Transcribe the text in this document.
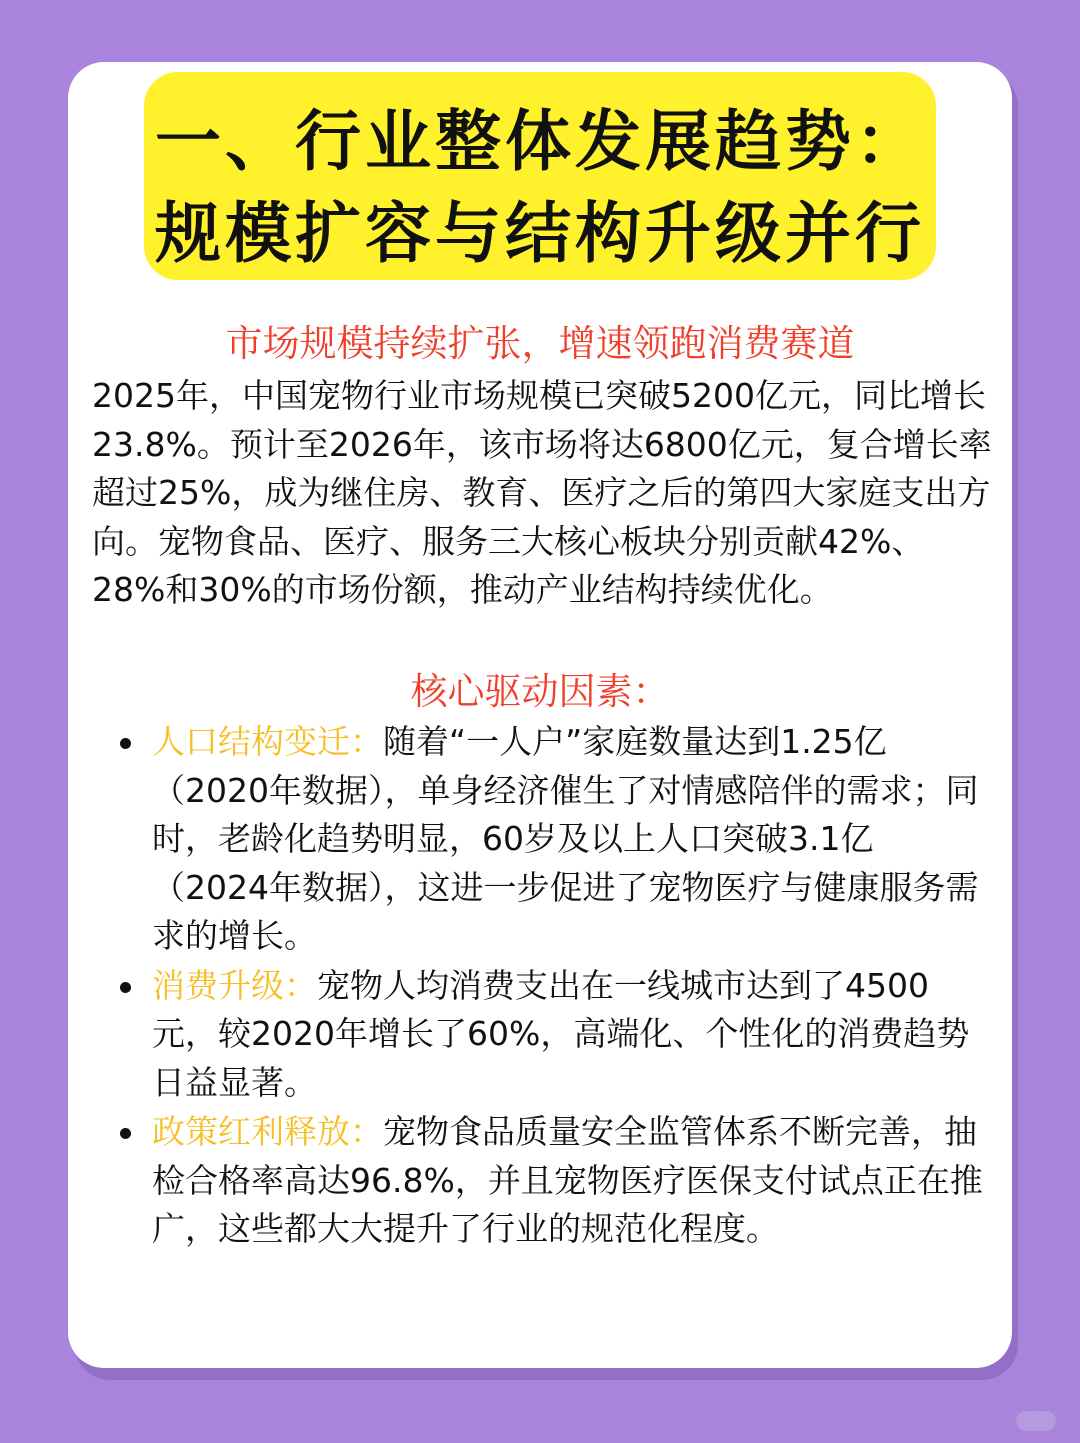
一、行业整体发展趋势：
规模扩容与结构升级并行
市场规模持续扩张，增速领跑消费赛道

2025年，中国宠物行业市场规模已突破5200亿元，同比增长23.8%。预计至2026年，该市场将达6800亿元，复合增长率超过25%，成为继住房、教育、医疗之后的第四大家庭支出方向。宠物食品、医疗、服务三大核心板块分别贡献42%、28%和30%的市场份额，推动产业结构持续优化。

核心驱动因素：
人口结构变迁：随着“一人户”家庭数量达到1.25亿（2020年数据），单身经济催生了对情感陪伴的需求；同时，老龄化趋势明显，60岁及以上人口突破3.1亿（2024年数据），这进一步促进了宠物医疗与健康服务需求的增长。
消费升级：宠物人均消费支出在一线城市达到了4500元，较2020年增长了60%，高端化、个性化的消费趋势日益显著。
政策红利释放：宠物食品质量安全监管体系不断完善，抽检合格率高达96.8%，并且宠物医疗医保支付试点正在推广，这些都大大提升了行业的规范化程度。
